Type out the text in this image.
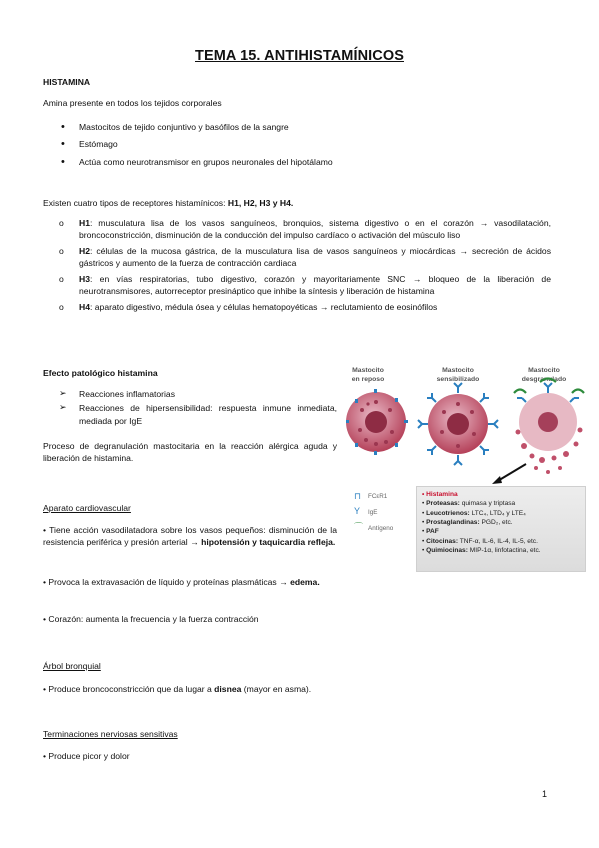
TEMA 15. ANTIHISTAMÍNICOS
HISTAMINA
Amina presente en todos los tejidos corporales
• Mastocitos de tejido conjuntivo y basófilos de la sangre
• Estómago
• Actúa como neurotransmisor en grupos neuronales del hipotálamo
Existen cuatro tipos de receptores histamínicos: H1, H2, H3 y H4.
o H1: musculatura lisa de los vasos sanguíneos, bronquios, sistema digestivo o en el corazón → vasodilatación, broncoconstricción, disminución de la conducción del impulso cardíaco o activación del músculo liso
o H2: células de la mucosa gástrica, de la musculatura lisa de vasos sanguíneos y miocárdicas → secreción de ácidos gástricos y aumento de la fuerza de contracción cardiaca
o H3: en vías respiratorias, tubo digestivo, corazón y mayoritariamente SNC → bloqueo de la liberación de neurotransmisores, autorreceptor presináptico que inhibe la síntesis y liberación de histamina
o H4: aparato digestivo, médula ósea y células hematopoyéticas → reclutamiento de eosinófilos
Efecto patológico histamina
➢ Reacciones inflamatorias
➢ Reacciones de hipersensibilidad: respuesta inmune inmediata, mediada por IgE
Proceso de degranulación mastocitaria en la reacción alérgica aguda y liberación de histamina.
Mastocito
en reposo
Mastocito
sensibilizado
Mastocito
desgranulado
⊓ FCεR1
Y IgE
⌒ Antígeno
• Histamina
• Proteasas: quimasa y triptasa
• Leucotrienos: LTC₄, LTD₄ y LTE₄
• Prostaglandinas: PGD₂, etc.
• PAF
• Citocinas: TNF-α, IL-6, IL-4, IL-5, etc.
• Quimiocinas: MIP-1α, linfotactina, etc.
Aparato cardiovascular
• Tiene acción vasodilatadora sobre los vasos pequeños: disminución de la resistencia periférica y presión arterial → hipotensión y taquicardia refleja.
• Provoca la extravasación de líquido y proteínas plasmáticas → edema.
• Corazón: aumenta la frecuencia y la fuerza contracción
Árbol bronquial
• Produce broncoconstricción que da lugar a disnea (mayor en asma).
Terminaciones nerviosas sensitivas
• Produce picor y dolor
1
